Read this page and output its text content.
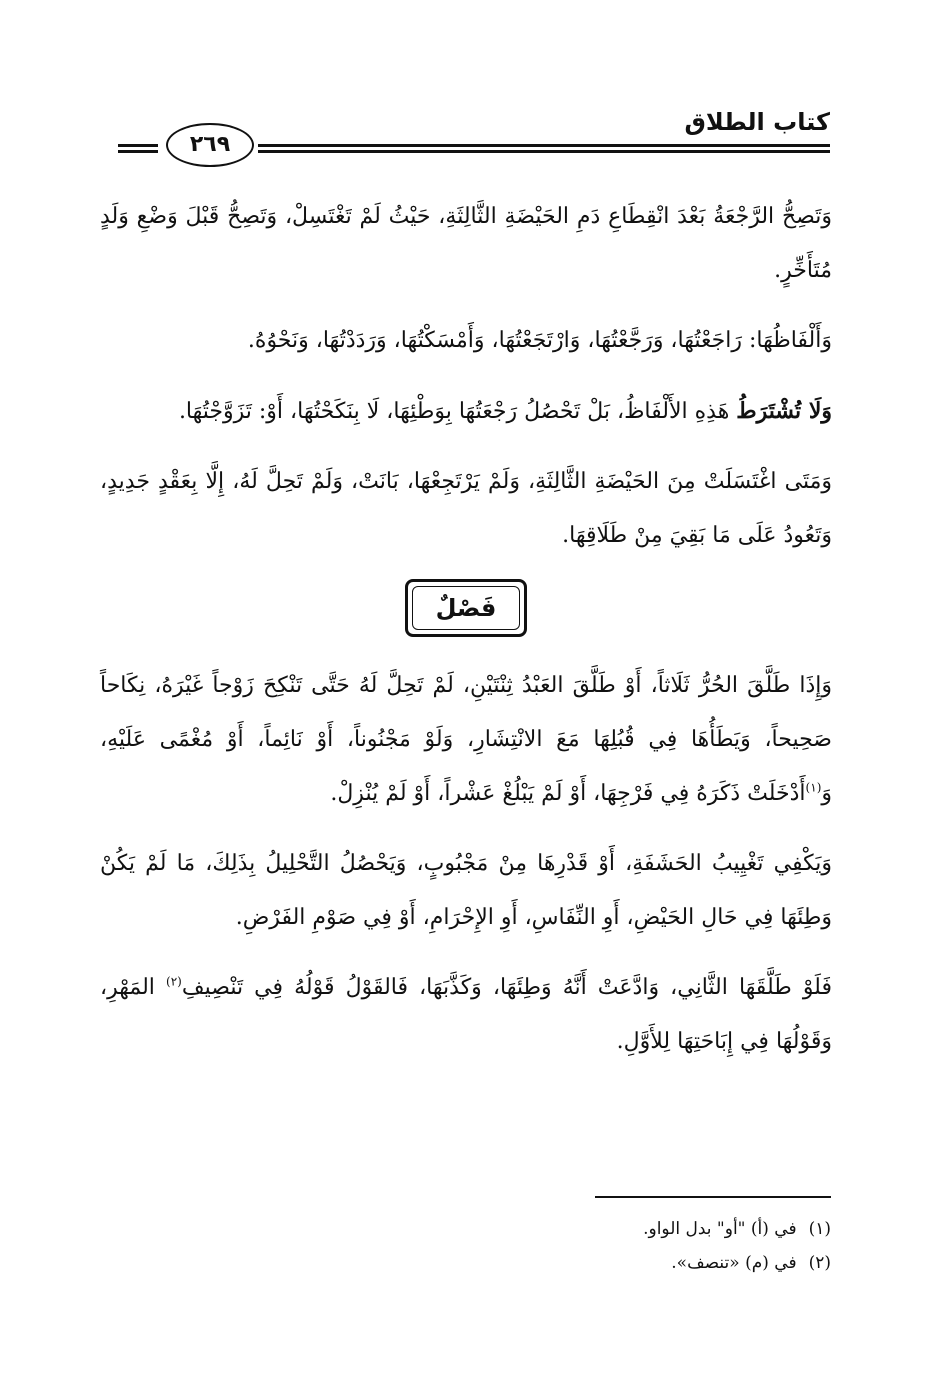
كتاب الطلاق
٢٦٩

وَتَصِحُّ الرَّجْعَةُ بَعْدَ انْقِطَاعِ دَمِ الحَيْضَةِ الثَّالِثَةِ، حَيْثُ لَمْ تَغْتَسِلْ، وَتَصِحُّ قَبْلَ وَضْعِ وَلَدٍ مُتَأَخِّرٍ.

وَأَلْفَاظُهَا: رَاجَعْتُهَا، وَرَجَّعْتُهَا، وَارْتَجَعْتُهَا، وَأَمْسَكْتُهَا، وَرَدَدْتُهَا، وَنَحْوُهُ.

وَلَا تُشْتَرَطُ هَذِهِ الأَلْفَاظُ، بَلْ تَحْصُلُ رَجْعَتُهَا بِوَطْئِهَا، لَا بِنَكَحْتُهَا، أَوْ: تَزَوَّجْتُهَا.

وَمَتَى اغْتَسَلَتْ مِنَ الحَيْضَةِ الثَّالِثَةِ، وَلَمْ يَرْتَجِعْهَا، بَانَتْ، وَلَمْ تَحِلَّ لَهُ، إِلَّا بِعَقْدٍ جَدِيدٍ، وَتَعُودُ عَلَى مَا بَقِيَ مِنْ طَلَاقِهَا.

فَصْلٌ

وَإِذَا طَلَّقَ الحُرُّ ثَلَاثاً، أَوْ طَلَّقَ العَبْدُ ثِنْتَيْنِ، لَمْ تَحِلَّ لَهُ حَتَّى تَنْكِحَ زَوْجاً غَيْرَهُ، نِكَاحاً صَحِيحاً، وَيَطَأُهَا فِي قُبُلِهَا مَعَ الانْتِشَارِ، وَلَوْ مَجْنُوناً، أَوْ نَائِماً، أَوْ مُغْمًى عَلَيْهِ، وَ$^{(١)}$أَدْخَلَتْ ذَكَرَهُ فِي فَرْجِهَا، أَوْ لَمْ يَبْلُغْ عَشْراً، أَوْ لَمْ يُنْزِلْ.

وَيَكْفِي تَغْيِيبُ الحَشَفَةِ، أَوْ قَدْرِهَا مِنْ مَجْبُوبٍ، وَيَحْصُلُ التَّحْلِيلُ بِذَلِكَ، مَا لَمْ يَكُنْ وَطِئَهَا فِي حَالِ الحَيْضِ، أَوِ النِّفَاسِ، أَوِ الإِحْرَامِ، أَوْ فِي صَوْمِ الفَرْضِ.

فَلَوْ طَلَّقَهَا الثَّانِي، وَادَّعَتْ أَنَّهُ وَطِئَهَا، وَكَذَّبَهَا، فَالقَوْلُ قَوْلُهُ فِي تَنْصِيفِ$^{(٢)}$ المَهْرِ، وَقَوْلُهَا فِي إِبَاحَتِهَا لِلأَوَّلِ.

(١)في (أ) "أو" بدل الواو.

(٢)في (م) «تنصف».
